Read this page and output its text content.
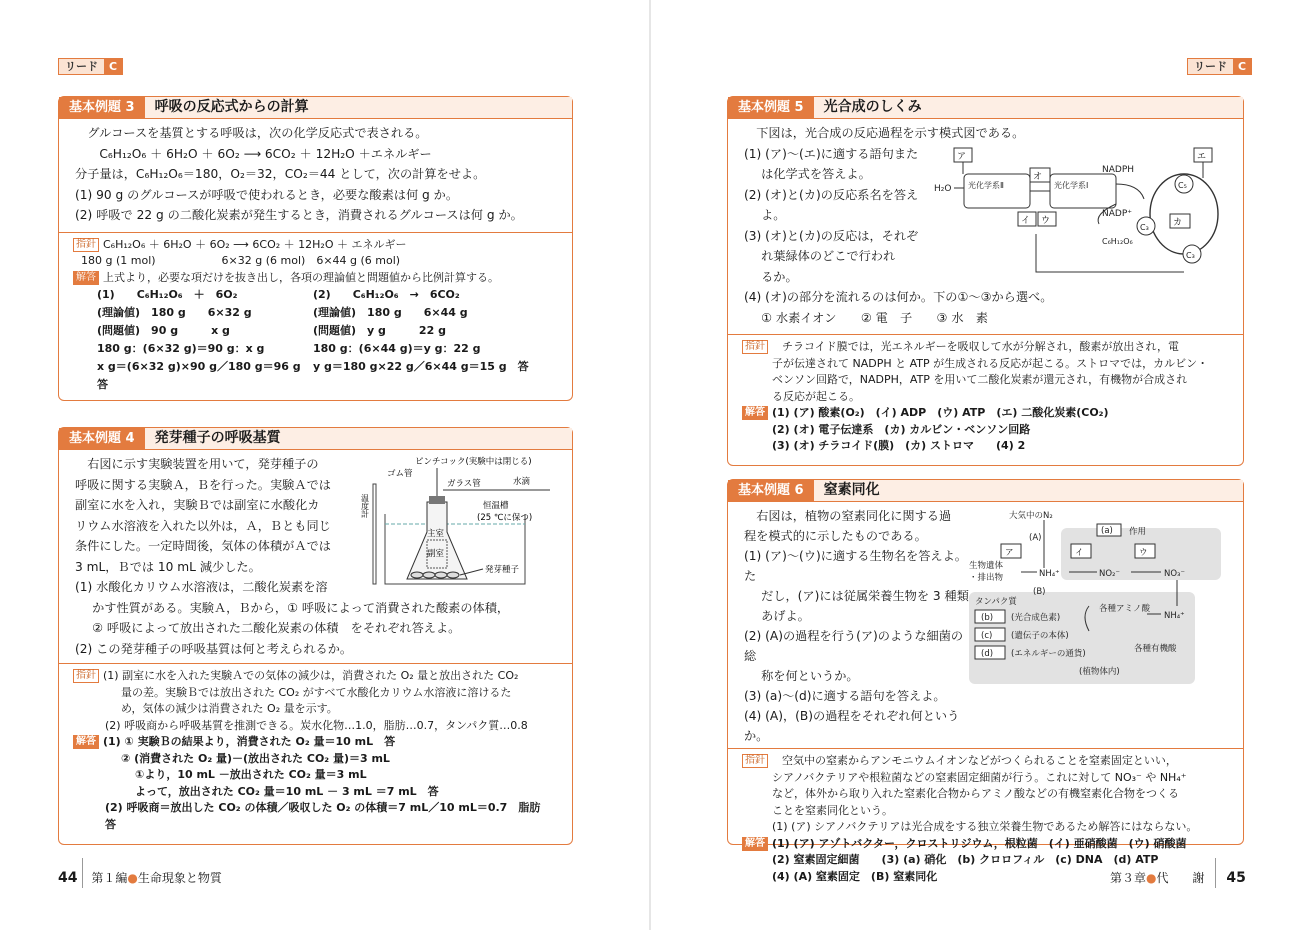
リード	C
基本例題 3	呼吸の反応式からの計算

グルコースを基質とする呼吸は，次の化学反応式で表される。

C₆H₁₂O₆ ＋ 6H₂O ＋ 6O₂ ⟶ 6CO₂ ＋ 12H₂O ＋エネルギー

分子量は，C₆H₁₂O₆＝180，O₂＝32，CO₂＝44 として，次の計算をせよ。

(1) 90 g のグルコースが呼吸で使われるとき，必要な酸素は何 g か。

(2) 呼吸で 22 g の二酸化炭素が発生するとき，消費されるグルコースは何 g か。

指針 C₆H₁₂O₆ ＋ 6H₂O ＋ 6O₂ ⟶ 6CO₂ ＋ 12H₂O ＋ エネルギー
180 g (1 mol)　　　　　　6×32 g (6 mol)　6×44 g (6 mol)
解答 上式より，必要な項だけを抜き出し，各項の理論値と問題値から比例計算する。
(1)　　C₆H₁₂O₆　＋　6O₂
(理論値)　180 g　　6×32 g
(問題値)　90 g　　　x g
180 g：(6×32 g)＝90 g：x g
x g＝(6×32 g)×90 g／180 g＝96 g　答
(2)　　C₆H₁₂O₆　→　6CO₂
(理論値)　180 g　　6×44 g
(問題値)　y g　　　22 g
180 g：(6×44 g)＝y g：22 g
y g＝180 g×22 g／6×44 g＝15 g　答
基本例題 4	発芽種子の呼吸基質

右図に示す実験装置を用いて，発芽種子の

呼吸に関する実験Ａ，Ｂを行った。実験Ａでは

副室に水を入れ，実験Ｂでは副室に水酸化カ

リウム水溶液を入れた以外は，Ａ，Ｂとも同じ

条件にした。一定時間後，気体の体積がＡでは

3 mL，Ｂでは 10 mL 減少した。

(1) 水酸化カリウム水溶液は，二酸化炭素を溶

ピンチコック(実験中は閉じる)
ゴム管
ガラス管	水滴
温度計
主室
副室
恒温槽
(25 ℃に保つ)
発芽種子

かす性質がある。実験Ａ，Ｂから，① 呼吸によって消費された酸素の体積，

② 呼吸によって放出された二酸化炭素の体積　をそれぞれ答えよ。

(2) この発芽種子の呼吸基質は何と考えられるか。

指針 (1) 副室に水を入れた実験Ａでの気体の減少は，消費された O₂ 量と放出された CO₂
量の差。実験Ｂでは放出された CO₂ がすべて水酸化カリウム水溶液に溶けるた
め，気体の減少は消費された O₂ 量を示す。
(2) 呼吸商から呼吸基質を推測できる。炭水化物…1.0，脂肪…0.7，タンパク質…0.8
解答 (1) ① 実験Ｂの結果より，消費された O₂ 量＝10 mL　答
② (消費された O₂ 量)－(放出された CO₂ 量)＝3 mL
①より，10 mL －放出された CO₂ 量＝3 mL
よって，放出された CO₂ 量＝10 mL － 3 mL ＝7 mL　答
(2) 呼吸商＝放出した CO₂ の体積／吸収した O₂ の体積＝7 mL／10 mL＝0.7　脂肪　答
44 第１編●生命現象と物質
リード	C
基本例題 5	光合成のしくみ

下図は，光合成の反応過程を示す模式図である。

(1) (ア)～(エ)に適する語句また

は化学式を答えよ。

(2) (オ)と(カ)の反応系名を答え

よ。

(3) (オ)と(カ)の反応は，それぞ

れ葉緑体のどこで行われ

るか。

ア	エ
H₂O 光化学系Ⅱ	光化学系Ⅰ
オ
イ ウ
NADPH
NADP⁺
C₅
C₃
C₃
カ
C₆H₁₂O₆

(4) (オ)の部分を流れるのは何か。下の①～③から選べ。

① 水素イオン　　② 電　子　　③ 水　素

指針 チラコイド膜では，光エネルギーを吸収して水が分解され，酸素が放出され，電
子が伝達されて NADPH と ATP が生成される反応が起こる。ストロマでは，カルビン・
ベンソン回路で，NADPH，ATP を用いて二酸化炭素が還元され，有機物が合成され
る反応が起こる。
解答 (1) (ア) 酸素(O₂)　(イ) ADP　(ウ) ATP　(エ) 二酸化炭素(CO₂)
(2) (オ) 電子伝達系　(カ) カルビン・ベンソン回路
(3) (オ) チラコイド(膜)　(カ) ストロマ　　(4) 2
基本例題 6	窒素同化

右図は，植物の窒素同化に関する過

程を模式的に示したものである。

(1) (ア)～(ウ)に適する生物名を答えよ。た

だし，(ア)には従属栄養生物を 3 種類

あげよ。

(2) (A)の過程を行う(ア)のような細菌の総

称を何というか。

(3) (a)～(d)に適する語句を答えよ。

(4) (A)，(B)の過程をそれぞれ何というか。

大気中のN₂
(a) 作用
ア
(A)
イ	ウ
生物遺体
・排出物	NH₄⁺	NO₂⁻	NO₃⁻
(B)
タンパク質
(b) (光合成色素)
(c) (遺伝子の本体)
(d) (エネルギーの通貨)
各種アミノ酸
NH₄⁺
各種有機酸
(植物体内)
指針 空気中の窒素からアンモニウムイオンなどがつくられることを窒素固定といい，
シアノバクテリアや根粒菌などの窒素固定細菌が行う。これに対して NO₃⁻ や NH₄⁺
など，体外から取り入れた窒素化合物からアミノ酸などの有機窒素化合物をつくる
ことを窒素同化という。
(1) (ア) シアノバクテリアは光合成をする独立栄養生物であるため解答にはならない。
解答 (1) (ア) アゾトバクター，クロストリジウム，根粒菌　(イ) 亜硝酸菌　(ウ) 硝酸菌
(2) 窒素固定細菌　　(3) (a) 硝化　(b) クロロフィル　(c) DNA　(d) ATP
(4) (A) 窒素固定　(B) 窒素同化	第３章●代　　謝 45
